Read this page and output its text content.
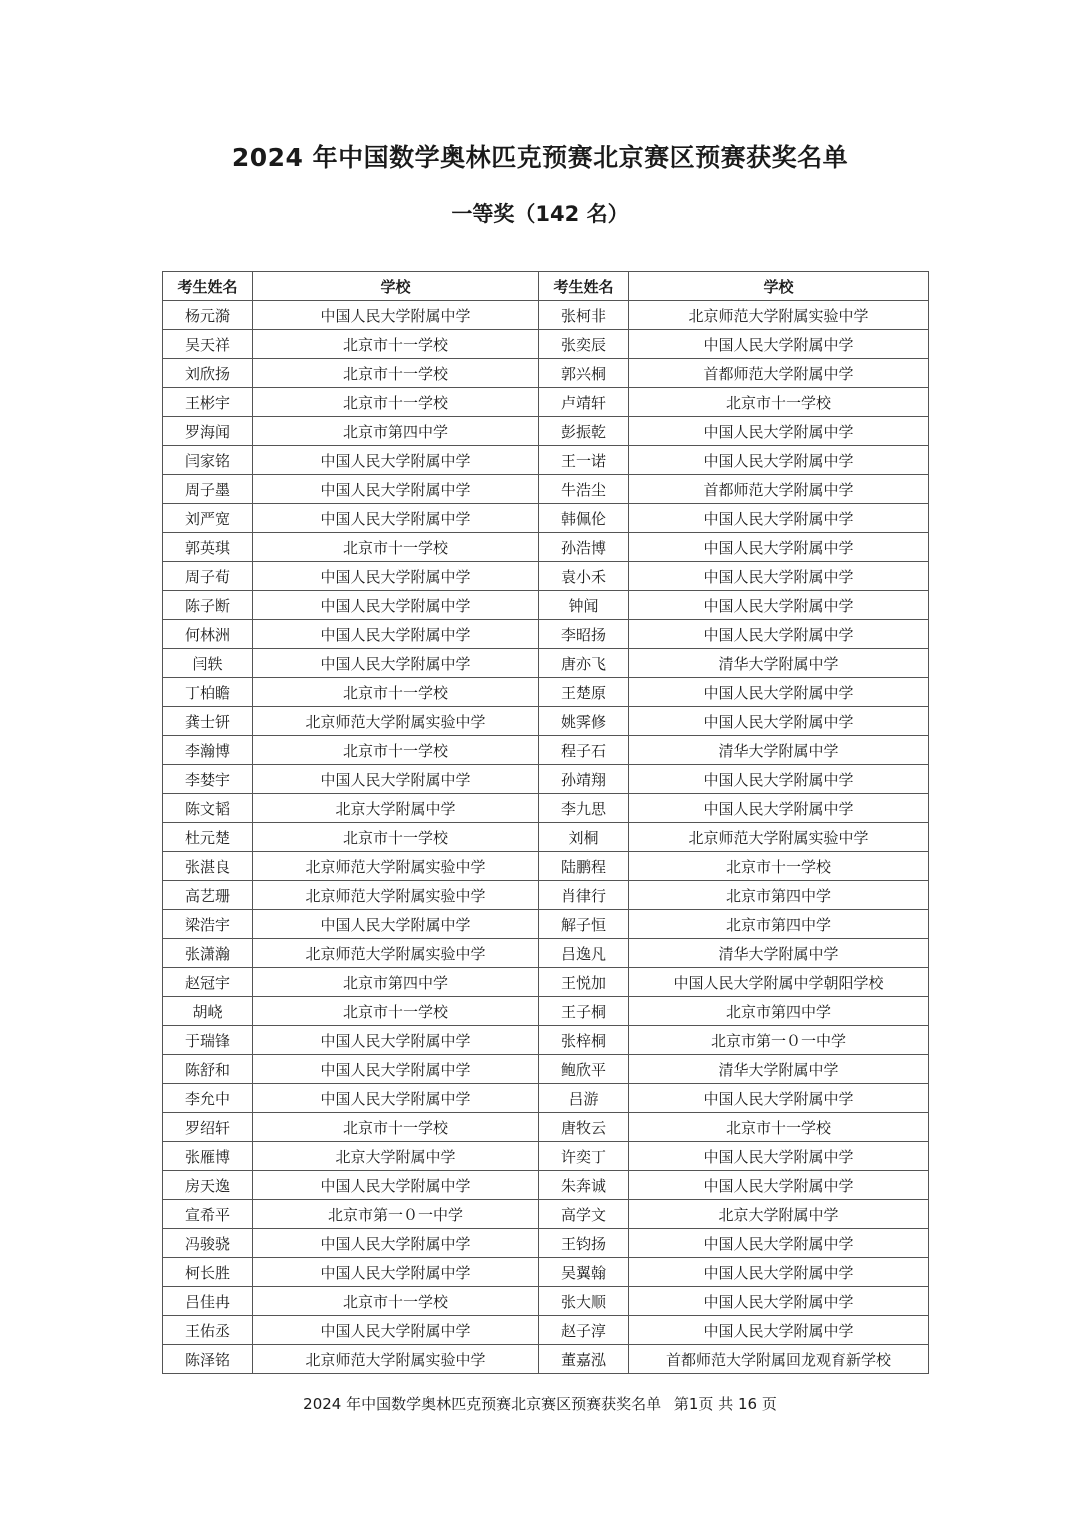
2024 年中国数学奥林匹克预赛北京赛区预赛获奖名单
一等奖（142 名）
考生姓名	学校	考生姓名	学校
杨元漪	中国人民大学附属中学	张柯非	北京师范大学附属实验中学
吴天祥	北京市十一学校	张奕辰	中国人民大学附属中学
刘欣扬	北京市十一学校	郭兴桐	首都师范大学附属中学
王彬宇	北京市十一学校	卢靖轩	北京市十一学校
罗海闻	北京市第四中学	彭振乾	中国人民大学附属中学
闫家铭	中国人民大学附属中学	王一诺	中国人民大学附属中学
周子墨	中国人民大学附属中学	牛浩尘	首都师范大学附属中学
刘严宽	中国人民大学附属中学	韩佩伦	中国人民大学附属中学
郭英琪	北京市十一学校	孙浩博	中国人民大学附属中学
周子荀	中国人民大学附属中学	袁小禾	中国人民大学附属中学
陈子断	中国人民大学附属中学	钟闻	中国人民大学附属中学
何林洲	中国人民大学附属中学	李昭扬	中国人民大学附属中学
闫轶	中国人民大学附属中学	唐亦飞	清华大学附属中学
丁柏瞻	北京市十一学校	王楚原	中国人民大学附属中学
龚士钘	北京师范大学附属实验中学	姚霁修	中国人民大学附属中学
李瀚博	北京市十一学校	程子石	清华大学附属中学
李婪宇	中国人民大学附属中学	孙靖翔	中国人民大学附属中学
陈文韬	北京大学附属中学	李九思	中国人民大学附属中学
杜元楚	北京市十一学校	刘桐	北京师范大学附属实验中学
张湛良	北京师范大学附属实验中学	陆鹏程	北京市十一学校
高艺珊	北京师范大学附属实验中学	肖律行	北京市第四中学
梁浩宇	中国人民大学附属中学	解子恒	北京市第四中学
张潇瀚	北京师范大学附属实验中学	吕逸凡	清华大学附属中学
赵冠宇	北京市第四中学	王悦加	中国人民大学附属中学朝阳学校
胡峣	北京市十一学校	王子桐	北京市第四中学
于瑞锋	中国人民大学附属中学	张梓桐	北京市第一０一中学
陈舒和	中国人民大学附属中学	鲍欣平	清华大学附属中学
李允中	中国人民大学附属中学	吕游	中国人民大学附属中学
罗绍轩	北京市十一学校	唐牧云	北京市十一学校
张雁博	北京大学附属中学	许奕丁	中国人民大学附属中学
房天逸	中国人民大学附属中学	朱奔诚	中国人民大学附属中学
宣希平	北京市第一０一中学	高学文	北京大学附属中学
冯骏骁	中国人民大学附属中学	王钧扬	中国人民大学附属中学
柯长胜	中国人民大学附属中学	吴翼翰	中国人民大学附属中学
吕佳冉	北京市十一学校	张大顺	中国人民大学附属中学
王佑丞	中国人民大学附属中学	赵子淳	中国人民大学附属中学
陈泽铭	北京师范大学附属实验中学	董嘉泓	首都师范大学附属回龙观育新学校
2024 年中国数学奥林匹克预赛北京赛区预赛获奖名单 第1页 共 16 页
